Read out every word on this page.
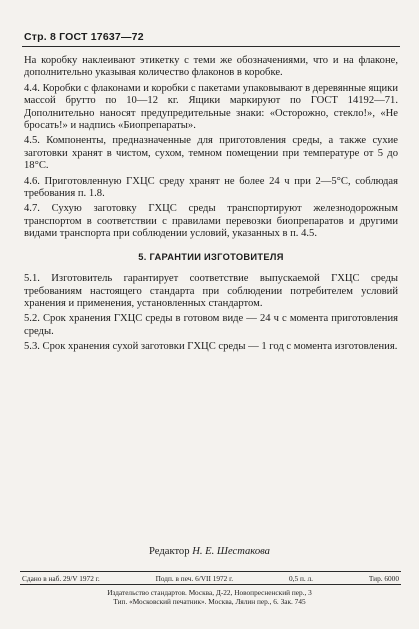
Стр. 8 ГОСТ 17637—72

На коробку наклеивают этикетку с теми же обозначениями, что и на флаконе, дополнительно указывая количество флаконов в коробке.

4.4. Коробки с флаконами и коробки с пакетами упаковывают в деревянные ящики массой брутто по 10—12 кг. Ящики маркируют по ГОСТ 14192—71. Дополнительно наносят предупредительные знаки: «Осторожно, стекло!», «Не бросать!» и надпись «Биопрепараты».

4.5. Компоненты, предназначенные для приготовления среды, а также сухие заготовки хранят в чистом, сухом, темном помещении при температуре от 5 до 18°С.

4.6. Приготовленную ГХЦС среду хранят не более 24 ч при 2—5°С, соблюдая требования п. 1.8.

4.7. Сухую заготовку ГХЦС среды транспортируют железнодорожным транспортом в соответствии с правилами перевозки биопрепаратов и другими видами транспорта при соблюдении условий, указанных в п. 4.5.

5. ГАРАНТИИ ИЗГОТОВИТЕЛЯ

5.1. Изготовитель гарантирует соответствие выпускаемой ГХЦС среды требованиям настоящего стандарта при соблюдении потребителем условий хранения и применения, установленных стандартом.

5.2. Срок хранения ГХЦС среды в готовом виде — 24 ч с момента приготовления среды.

5.3. Срок хранения сухой заготовки ГХЦС среды — 1 год с момента изготовления.

Редактор Н. Е. Шестакова
Сдано в наб. 29/V 1972 г.	Подп. в печ. 6/VII 1972 г.	0,5 п. л.	Тир. 6000
Издательство стандартов. Москва, Д-22, Новопресненский пер., 3
Тип. «Московский печатник». Москва, Лялин пер., 6. Зак. 745
